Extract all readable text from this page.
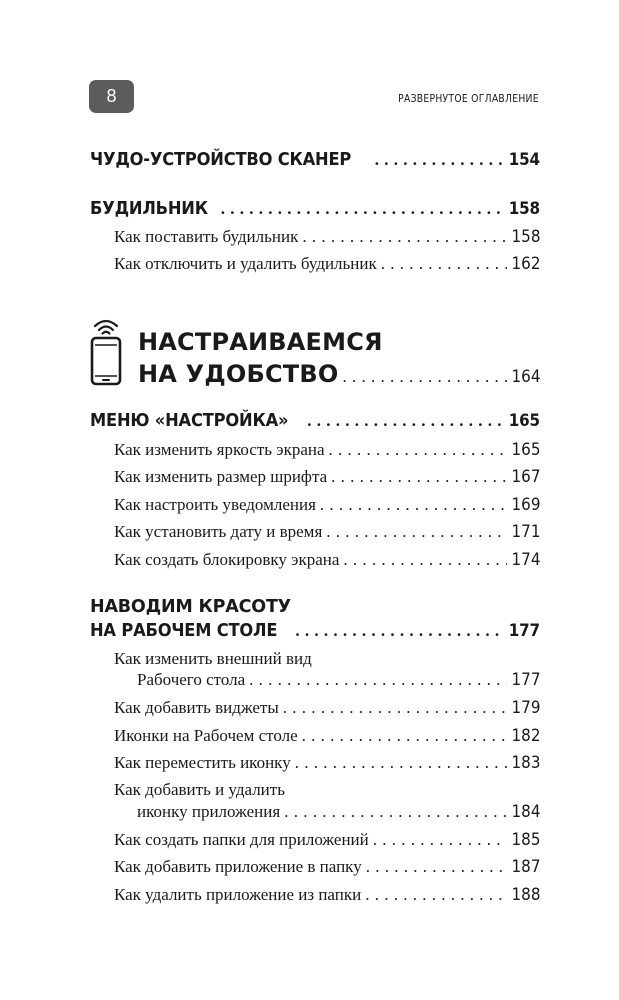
8	РАЗВЕРНУТОЕ ОГЛАВЛЕНИЕ
ЧУДО-УСТРОЙСТВО СКАНЕР . . .	154
БУДИЛЬНИК . . .	158
Как поставить будильник . . .	158
Как отключить и удалить будильник . . .	162
НАСТРАИВАЕМСЯ
НА УДОБСТВО . . .	164
МЕНЮ «НАСТРОЙКА» . . .	165
Как изменить яркость экрана . . .	165
Как изменить размер шрифта . . .	167
Как настроить уведомления . . .	169
Как установить дату и время . . .	171
Как создать блокировку экрана . . .	174
НАВОДИМ КРАСОТУ
НА РАБОЧЕМ СТОЛЕ . . .	177
Как изменить внешний вид
Рабочего стола . . .	177
Как добавить виджеты . . .	179
Иконки на Рабочем столе . . .	182
Как переместить иконку . . .	183
Как добавить и удалить
иконку приложения . . .	184
Как создать папки для приложений . . .	185
Как добавить приложение в папку . . .	187
Как удалить приложение из папки . . .	188
